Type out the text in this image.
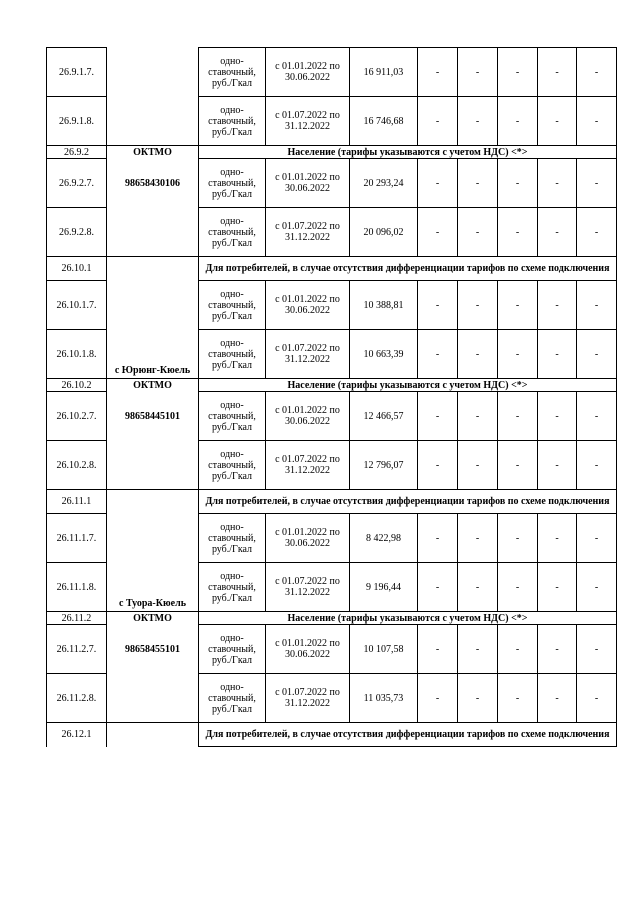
26.9.1.7.		одно-ставочный, руб./Гкал	с 01.01.2022 по 30.06.2022	16 911,03	-	-	-	-	-
26.9.1.8.		одно-ставочный, руб./Гкал	с 01.07.2022 по 31.12.2022	16 746,68	-	-	-	-	-
26.9.2	ОКТМО	Население (тарифы указываются с учетом НДС) <*>							
26.9.2.7.	98658430106	одно-ставочный, руб./Гкал	с 01.01.2022 по 30.06.2022	20 293,24	-	-	-	-	-
26.9.2.8.		одно-ставочный, руб./Гкал	с 01.07.2022 по 31.12.2022	20 096,02	-	-	-	-	-
26.10.1	с Юрюнг-Кюель	Для потребителей, в случае отсутствия дифференциации тарифов по схеме подключения							
26.10.1.7.		одно-ставочный, руб./Гкал	с 01.01.2022 по 30.06.2022	10 388,81	-	-	-	-	-
26.10.1.8.		одно-ставочный, руб./Гкал	с 01.07.2022 по 31.12.2022	10 663,39	-	-	-	-	-
26.10.2	ОКТМО	Население (тарифы указываются с учетом НДС) <*>							
26.10.2.7.	98658445101	одно-ставочный, руб./Гкал	с 01.01.2022 по 30.06.2022	12 466,57	-	-	-	-	-
26.10.2.8.		одно-ставочный, руб./Гкал	с 01.07.2022 по 31.12.2022	12 796,07	-	-	-	-	-
26.11.1	с Туора-Кюель	Для потребителей, в случае отсутствия дифференциации тарифов по схеме подключения							
26.11.1.7.		одно-ставочный, руб./Гкал	с 01.01.2022 по 30.06.2022	8 422,98	-	-	-	-	-
26.11.1.8.		одно-ставочный, руб./Гкал	с 01.07.2022 по 31.12.2022	9 196,44	-	-	-	-	-
26.11.2	ОКТМО	Население (тарифы указываются с учетом НДС) <*>							
26.11.2.7.	98658455101	одно-ставочный, руб./Гкал	с 01.01.2022 по 30.06.2022	10 107,58	-	-	-	-	-
26.11.2.8.		одно-ставочный, руб./Гкал	с 01.07.2022 по 31.12.2022	11 035,73	-	-	-	-	-
26.12.1		Для потребителей, в случае отсутствия дифференциации тарифов по схеме подключения							
